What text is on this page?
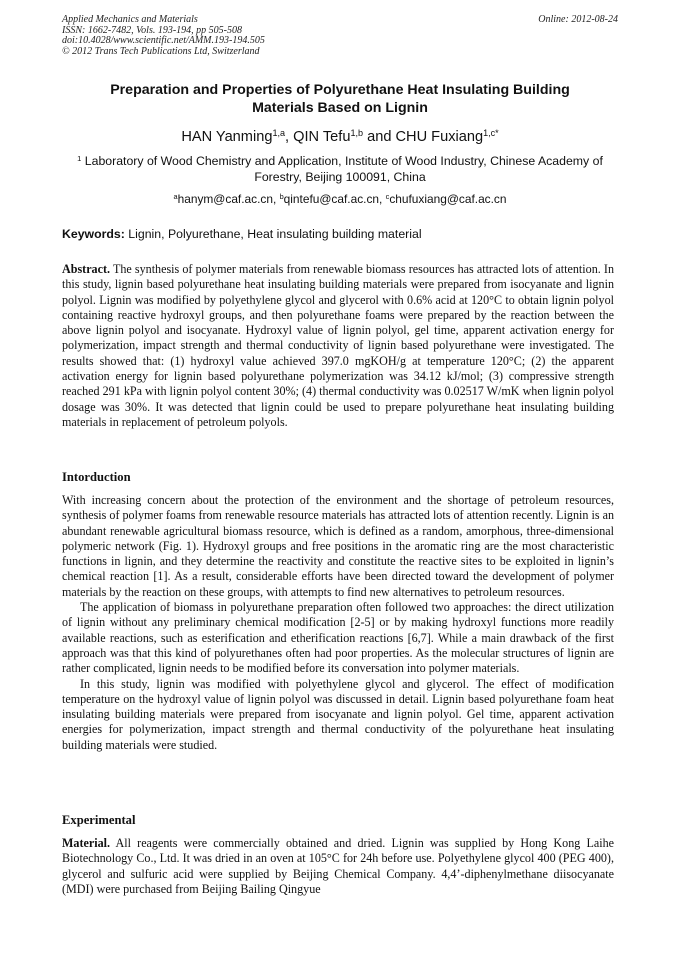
Applied Mechanics and Materials
ISSN: 1662-7482, Vols. 193-194, pp 505-508
doi:10.4028/www.scientific.net/AMM.193-194.505
© 2012 Trans Tech Publications Ltd, Switzerland
Online: 2012-08-24
Preparation and Properties of Polyurethane Heat Insulating Building
Materials Based on Lignin
HAN Yanming$^{1,a}$, QIN Tefu$^{1,b}$ and CHU Fuxiang$^{1,c*}$
$^1$ Laboratory of Wood Chemistry and Application, Institute of Wood Industry, Chinese Academy of Forestry, Beijing 100091, China
$^a$hanym@caf.ac.cn, $^b$qintefu@caf.ac.cn, $^c$chufuxiang@caf.ac.cn
Keywords: Lignin, Polyurethane, Heat insulating building material

Abstract. The synthesis of polymer materials from renewable biomass resources has attracted lots of attention. In this study, lignin based polyurethane heat insulating building materials were prepared from isocyanate and lignin polyol. Lignin was modified by polyethylene glycol and glycerol with 0.6% acid at 120°C to obtain lignin polyol containing reactive hydroxyl groups, and then polyurethane foams were prepared by the reaction between the above lignin polyol and isocyanate. Hydroxyl value of lignin polyol, gel time, apparent activation energy for polymerization, impact strength and thermal conductivity of lignin based polyurethane were investigated. The results showed that: (1) hydroxyl value achieved 397.0 mgKOH/g at temperature 120°C; (2) the apparent activation energy for lignin based polyurethane polymerization was 34.12 kJ/mol; (3) compressive strength reached 291 kPa with lignin polyol content 30%; (4) thermal conductivity was 0.02517 W/mK when lignin polyol dosage was 30%. It was detected that lignin could be used to prepare polyurethane heat insulating building materials in replacement of petroleum polyols.

Intorduction

With increasing concern about the protection of the environment and the shortage of petroleum resources, synthesis of polymer foams from renewable resource materials has attracted lots of attention recently. Lignin is an abundant renewable agricultural biomass resource, which is defined as a random, amorphous, three-dimensional polymeric network (Fig. 1). Hydroxyl groups and free positions in the aromatic ring are the most characteristic functions in lignin, and they determine the reactivity and constitute the reactive sites to be exploited in lignin’s chemical reaction [1]. As a result, considerable efforts have been directed toward the development of polymer materials by the reaction on these groups, with attempts to find new alternatives to petroleum resources.

The application of biomass in polyurethane preparation often followed two approaches: the direct utilization of lignin without any preliminary chemical modification [2-5] or by making hydroxyl functions more readily available reactions, such as esterification and etherification reactions [6,7]. While a main drawback of the first approach was that this kind of polyurethanes often had poor properties. As the molecular structures of lignin are rather complicated, lignin needs to be modified before its conversation into polymer materials.

In this study, lignin was modified with polyethylene glycol and glycerol. The effect of modification temperature on the hydroxyl value of lignin polyol was discussed in detail. Lignin based polyurethane foam heat insulating building materials were prepared from isocyanate and lignin polyol. Gel time, apparent activation energies for polymerization, impact strength and thermal conductivity of the polyurethane heat insulating building materials were studied.

Experimental

Material. All reagents were commercially obtained and dried. Lignin was supplied by Hong Kong Laihe Biotechnology Co., Ltd. It was dried in an oven at 105°C for 24h before use. Polyethylene glycol 400 (PEG 400), glycerol and sulfuric acid were supplied by Beijing Chemical Company. 4,4’-diphenylmethane diisocyanate (MDI) were purchased from Beijing Bailing Qingyue
